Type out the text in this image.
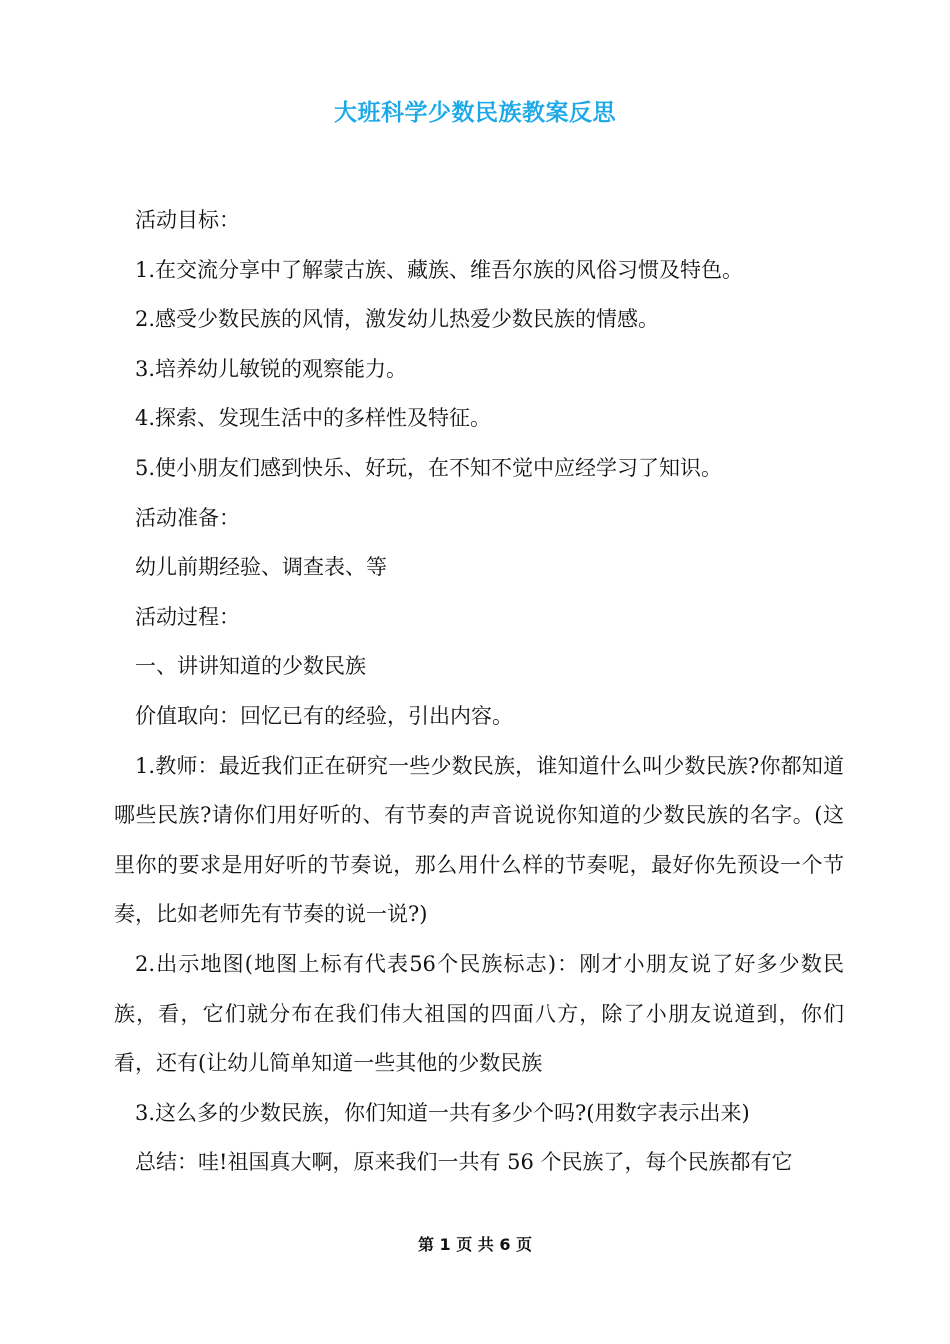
大班科学少数民族教案反思

活动目标：

1.在交流分享中了解蒙古族、藏族、维吾尔族的风俗习惯及特色。

2.感受少数民族的风情，激发幼儿热爱少数民族的情感。

3.培养幼儿敏锐的观察能力。

4.探索、发现生活中的多样性及特征。

5.使小朋友们感到快乐、好玩，在不知不觉中应经学习了知识。

活动准备：

幼儿前期经验、调查表、等

活动过程：

一、讲讲知道的少数民族

价值取向：回忆已有的经验，引出内容。

1.教师：最近我们正在研究一些少数民族，谁知道什么叫少数民族?你都知道哪些民族?请你们用好听的、有节奏的声音说说你知道的少数民族的名字。(这里你的要求是用好听的节奏说，那么用什么样的节奏呢，最好你先预设一个节奏，比如老师先有节奏的说一说?)

2.出示地图(地图上标有代表56个民族标志)：刚才小朋友说了好多少数民族，看，它们就分布在我们伟大祖国的四面八方，除了小朋友说道到，你们看，还有(让幼儿简单知道一些其他的少数民族

3.这么多的少数民族，你们知道一共有多少个吗?(用数字表示出来)

总结：哇!祖国真大啊，原来我们一共有 56 个民族了，每个民族都有它

第 1 页 共 6 页
